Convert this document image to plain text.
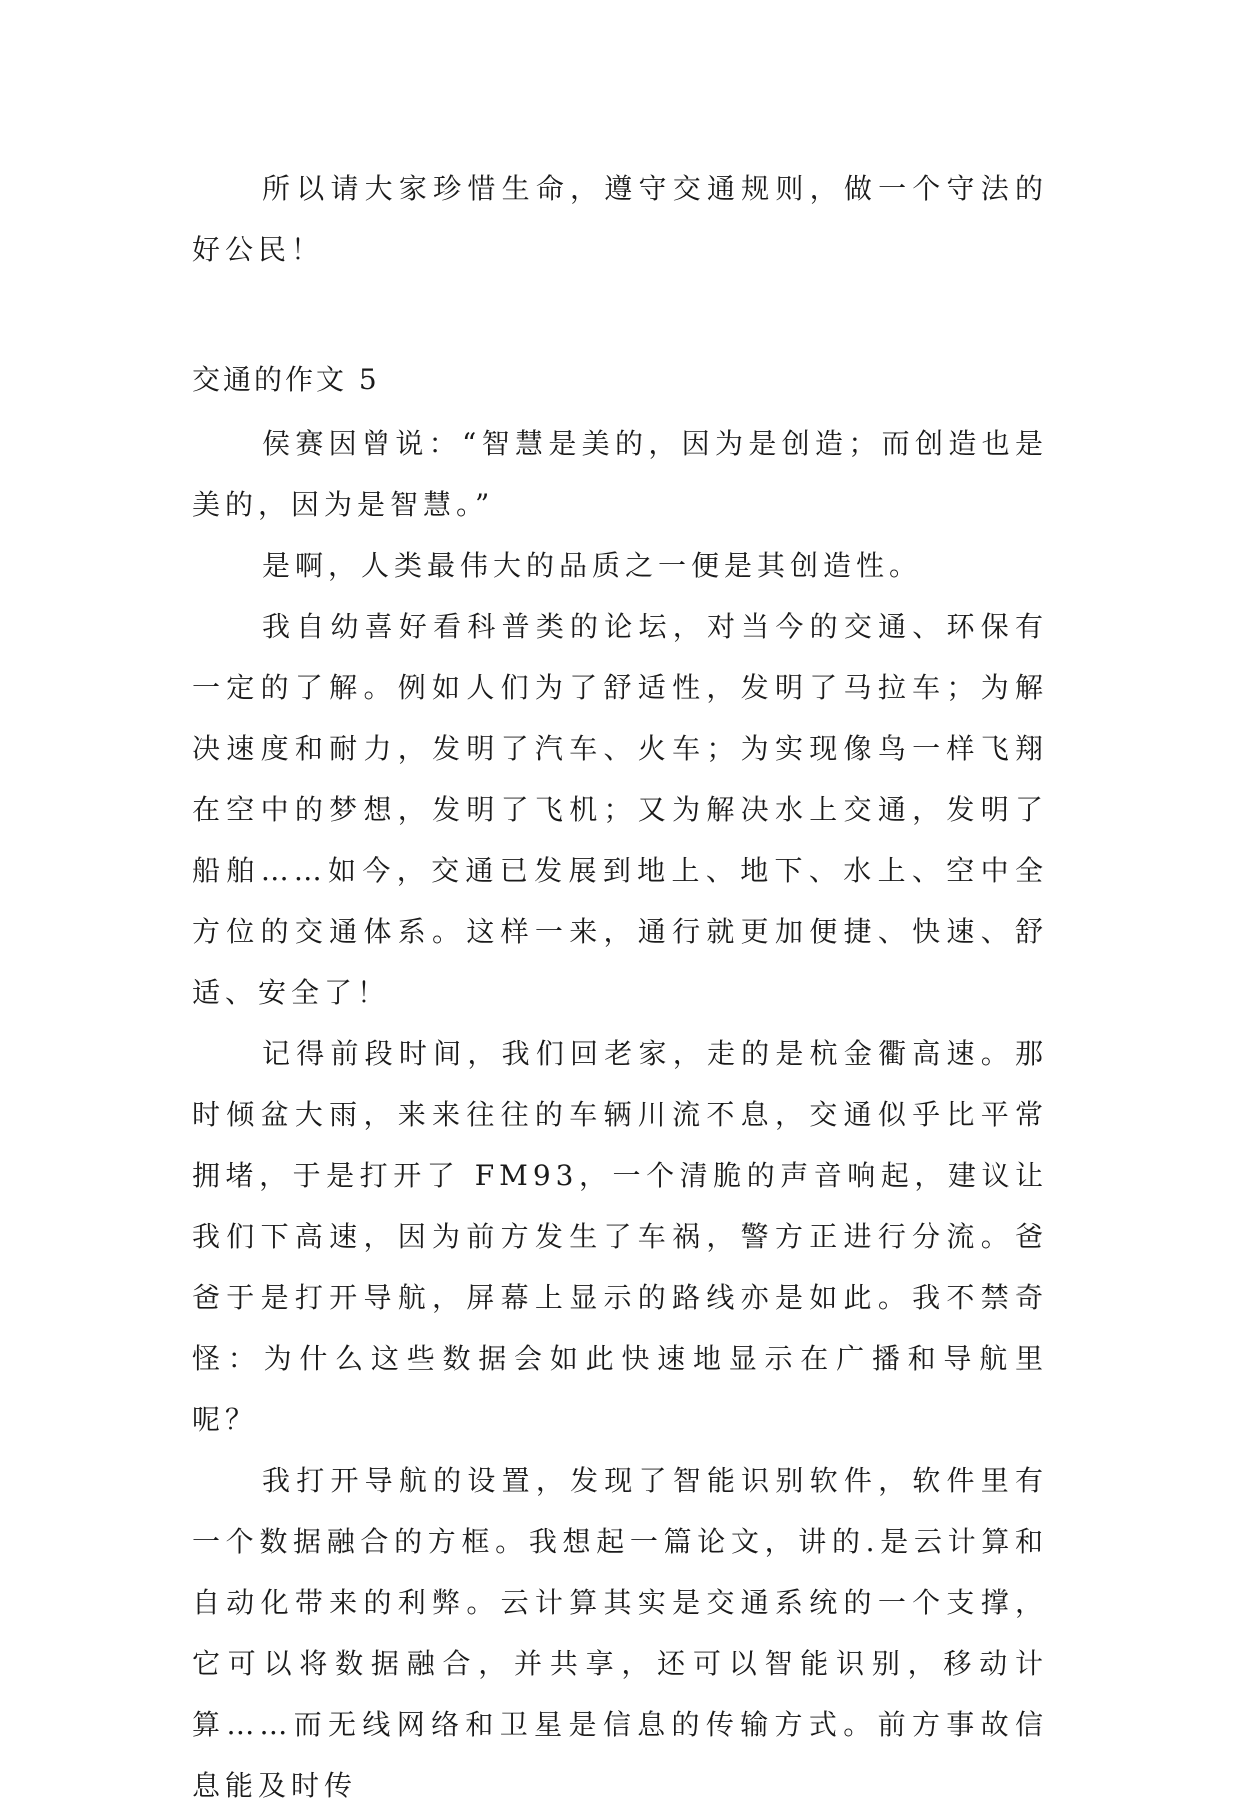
所以请大家珍惜生命，遵守交通规则，做一个守法的好公民！

交通的作文 5

侯赛因曾说：“智慧是美的，因为是创造；而创造也是美的，因为是智慧。”

是啊，人类最伟大的品质之一便是其创造性。

我自幼喜好看科普类的论坛，对当今的交通、环保有一定的了解。例如人们为了舒适性，发明了马拉车；为解决速度和耐力，发明了汽车、火车；为实现像鸟一样飞翔在空中的梦想，发明了飞机；又为解决水上交通，发明了船舶……如今，交通已发展到地上、地下、水上、空中全方位的交通体系。这样一来，通行就更加便捷、快速、舒适、安全了！

记得前段时间，我们回老家，走的是杭金衢高速。那时倾盆大雨，来来往往的车辆川流不息，交通似乎比平常拥堵，于是打开了 FM93，一个清脆的声音响起，建议让我们下高速，因为前方发生了车祸，警方正进行分流。爸爸于是打开导航，屏幕上显示的路线亦是如此。我不禁奇怪：为什么这些数据会如此快速地显示在广播和导航里呢？

我打开导航的设置，发现了智能识别软件，软件里有一个数据融合的方框。我想起一篇论文，讲的.是云计算和自动化带来的利弊。云计算其实是交通系统的一个支撑，它可以将数据融合，并共享，还可以智能识别，移动计算……而无线网络和卫星是信息的传输方式。前方事故信息能及时传
